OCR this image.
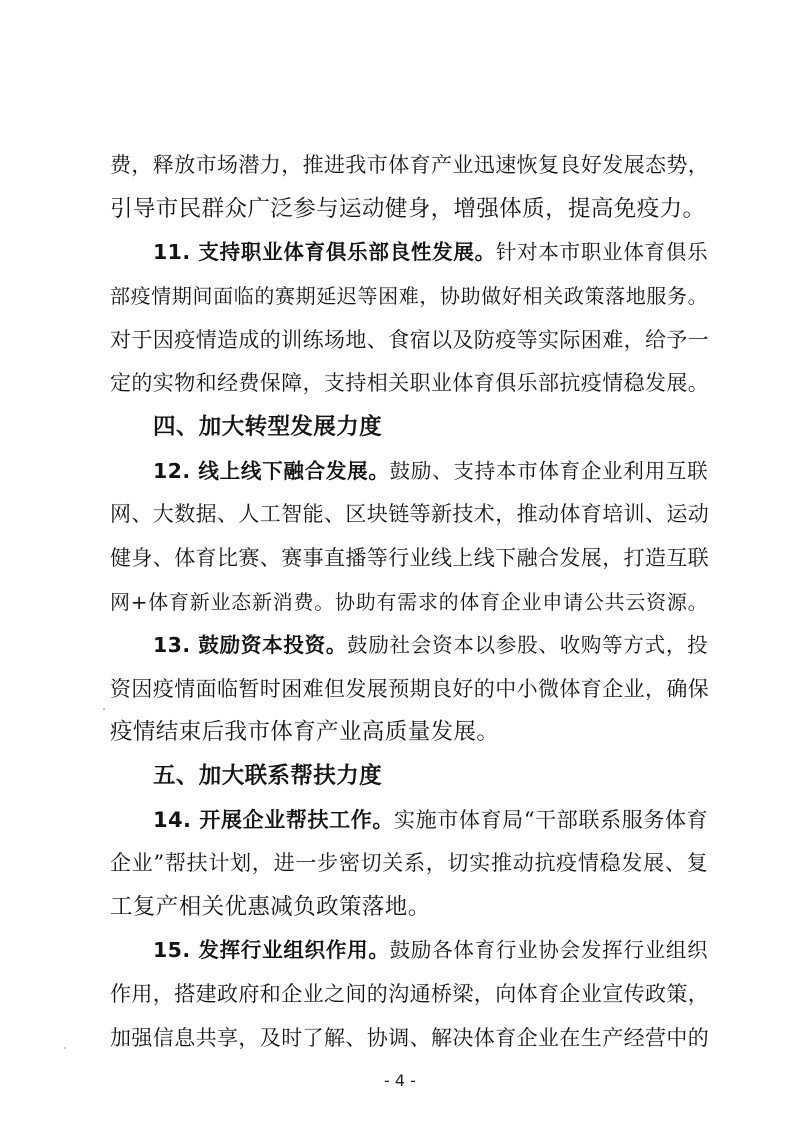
费，释放市场潜力，推进我市体育产业迅速恢复良好发展态势，
引导市民群众广泛参与运动健身，增强体质，提高免疫力。
11. 支持职业体育俱乐部良性发展。针对本市职业体育俱乐
部疫情期间面临的赛期延迟等困难，协助做好相关政策落地服务。
对于因疫情造成的训练场地、食宿以及防疫等实际困难，给予一
定的实物和经费保障，支持相关职业体育俱乐部抗疫情稳发展。
四、加大转型发展力度
12. 线上线下融合发展。鼓励、支持本市体育企业利用互联
网、大数据、人工智能、区块链等新技术，推动体育培训、运动
健身、体育比赛、赛事直播等行业线上线下融合发展，打造互联
网+体育新业态新消费。协助有需求的体育企业申请公共云资源。
13. 鼓励资本投资。鼓励社会资本以参股、收购等方式，投
资因疫情面临暂时困难但发展预期良好的中小微体育企业，确保
疫情结束后我市体育产业高质量发展。
五、加大联系帮扶力度
14. 开展企业帮扶工作。实施市体育局“干部联系服务体育
企业”帮扶计划，进一步密切关系，切实推动抗疫情稳发展、复
工复产相关优惠减负政策落地。
15. 发挥行业组织作用。鼓励各体育行业协会发挥行业组织
作用，搭建政府和企业之间的沟通桥梁，向体育企业宣传政策，
加强信息共享，及时了解、协调、解决体育企业在生产经营中的
- 4 -
